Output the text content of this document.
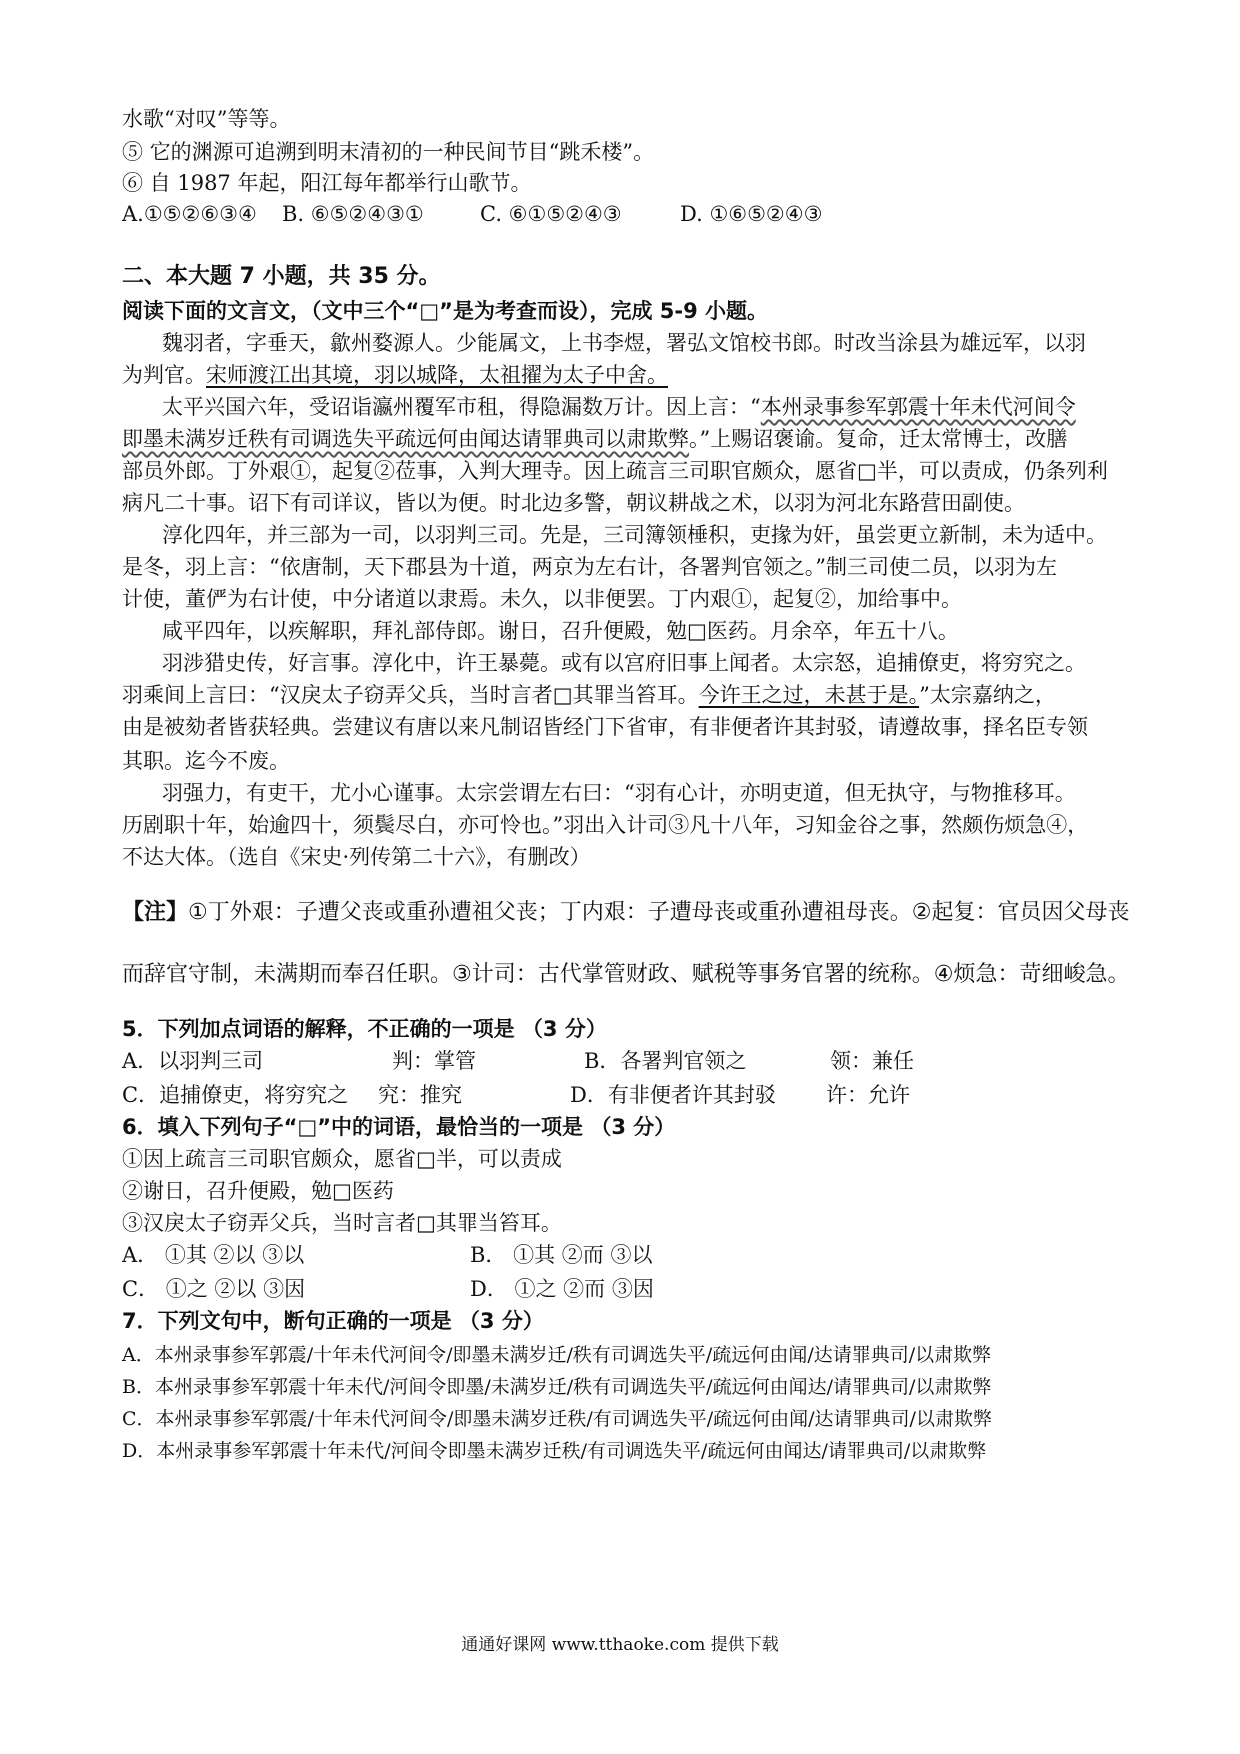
水歌“对叹”等等。
⑤ 它的渊源可追溯到明末清初的一种民间节目“跳禾楼”。
⑥ 自 1987 年起，阳江每年都举行山歌节。
A.①⑤②⑥③④ B. ⑥⑤②④③①	C. ⑥①⑤②④③	D. ①⑥⑤②④③
二、本大题 7 小题，共 35 分。
阅读下面的文言文，（文中三个“□”是为考查而设），完成 5-9 小题。
魏羽者，字垂天，歙州婺源人。少能属文，上书李煜，署弘文馆校书郎。时改当涂县为雄远军，以羽
为判官。宋师渡江出其境，羽以城降，太祖擢为太子中舍。
太平兴国六年，受诏诣瀛州覆军市租，得隐漏数万计。因上言：“本州录事参军郭震十年未代河间令
即墨未满岁迁秩有司调选失平疏远何由闻达请罪典司以肃欺弊。”上赐诏褒谕。复命，迁太常博士，改膳
部员外郎。丁外艰①，起复②莅事，入判大理寺。因上疏言三司职官颇众，愿省□半，可以责成，仍条列利
病凡二十事。诏下有司详议，皆以为便。时北边多警，朝议耕战之术，以羽为河北东路营田副使。
淳化四年，并三部为一司，以羽判三司。先是，三司簿领棰积，吏掾为奸，虽尝更立新制，未为适中。
是冬，羽上言：“依唐制，天下郡县为十道，两京为左右计，各署判官领之。”制三司使二员，以羽为左
计使，董俨为右计使，中分诸道以隶焉。未久，以非便罢。丁内艰①，起复②，加给事中。
咸平四年，以疾解职，拜礼部侍郎。谢日，召升便殿，勉□医药。月余卒，年五十八。
羽涉猎史传，好言事。淳化中，许王暴薨。或有以宫府旧事上闻者。太宗怒，追捕僚吏，将穷究之。
羽乘间上言曰：“汉戾太子窃弄父兵，当时言者□其罪当笞耳。今许王之过，未甚于是。”太宗嘉纳之，
由是被劾者皆获轻典。尝建议有唐以来凡制诏皆经门下省审，有非便者许其封驳，请遵故事，择名臣专领
其职。迄今不废。
羽强力，有吏干，尤小心谨事。太宗尝谓左右曰：“羽有心计，亦明吏道，但无执守，与物推移耳。
历剧职十年，始逾四十，须鬓尽白，亦可怜也。”羽出入计司③凡十八年，习知金谷之事，然颇伤烦急④，
不达大体。（选自《宋史·列传第二十六》，有删改）
【注】①丁外艰：子遭父丧或重孙遭祖父丧；丁内艰：子遭母丧或重孙遭祖母丧。②起复：官员因父母丧
而辞官守制，未满期而奉召任职。③计司：古代掌管财政、赋税等事务官署的统称。④烦急：苛细峻急。
5．下列加点词语的解释，不正确的一项是 （3 分）
A．以羽判三司	判：掌管	B．各署判官领之	领：兼任
C．追捕僚吏，将穷究之 究：推究	D．有非便者许其封驳 许：允许
6．填入下列句子“□”中的词语，最恰当的一项是 （3 分）
①因上疏言三司职官颇众，愿省□半，可以责成
②谢日，召升便殿，勉□医药
③汉戾太子窃弄父兵，当时言者□其罪当笞耳。
A． ①其 ②以 ③以	B． ①其 ②而 ③以
C． ①之 ②以 ③因	D． ①之 ②而 ③因
7．下列文句中，断句正确的一项是 （3 分）
A．本州录事参军郭震/十年未代河间令/即墨未满岁迁/秩有司调选失平/疏远何由闻/达请罪典司/以肃欺弊
B．本州录事参军郭震十年未代/河间令即墨/未满岁迁/秩有司调选失平/疏远何由闻达/请罪典司/以肃欺弊
C．本州录事参军郭震/十年未代河间令/即墨未满岁迁秩/有司调选失平/疏远何由闻/达请罪典司/以肃欺弊
D．本州录事参军郭震十年未代/河间令即墨未满岁迁秩/有司调选失平/疏远何由闻达/请罪典司/以肃欺弊
通通好课网 www.tthaoke.com 提供下载
